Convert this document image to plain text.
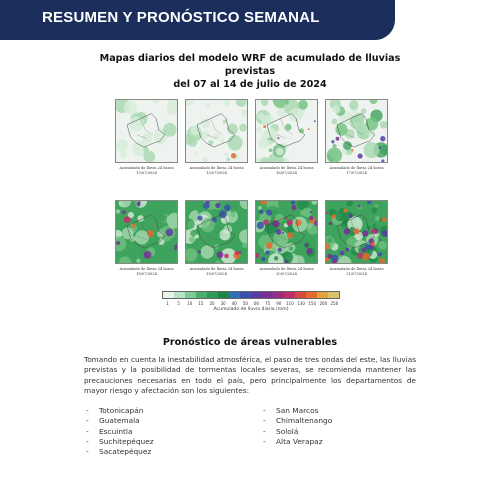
RESUMEN Y PRONÓSTICO SEMANAL
Mapas diarios del modelo WRF de acumulado de lluvias previstas
del 07 al 14 de julio de 2024
Acumulado de lluvia 24 horas
13/07/2024
Acumulado de lluvia 24 horas
13/07/2024
Acumulado de lluvia 24 horas
16/07/2024
Acumulado de lluvia 24 horas
17/07/2024
Acumulado de lluvia 24 horas
18/07/2024
Acumulado de lluvia 24 horas
19/07/2024
Acumulado de lluvia 24 horas
20/07/2024
Acumulado de lluvia 24 horas
21/07/2024
1 5 10 15 20 30 40 50 60 75 90 110 130 150 200 250
Acumulado de lluvia diaria (mm)
Pronóstico de áreas vulnerables
Tomando en cuenta la inestabilidad atmosférica, el paso de tres ondas del este, las lluvias previstas y la posibilidad de tormentas locales severas, se recomienda mantener las precauciones necesarias en todo el país, pero principalmente los departamentos de mayor riesgo y afectación son los siguientes:
- Totonicapán
- Guatemala
- Escuintla
- Suchitepéquez
- Sacatepéquez
- San Marcos
- Chimaltenango
- Sololá
- Alta Verapaz
